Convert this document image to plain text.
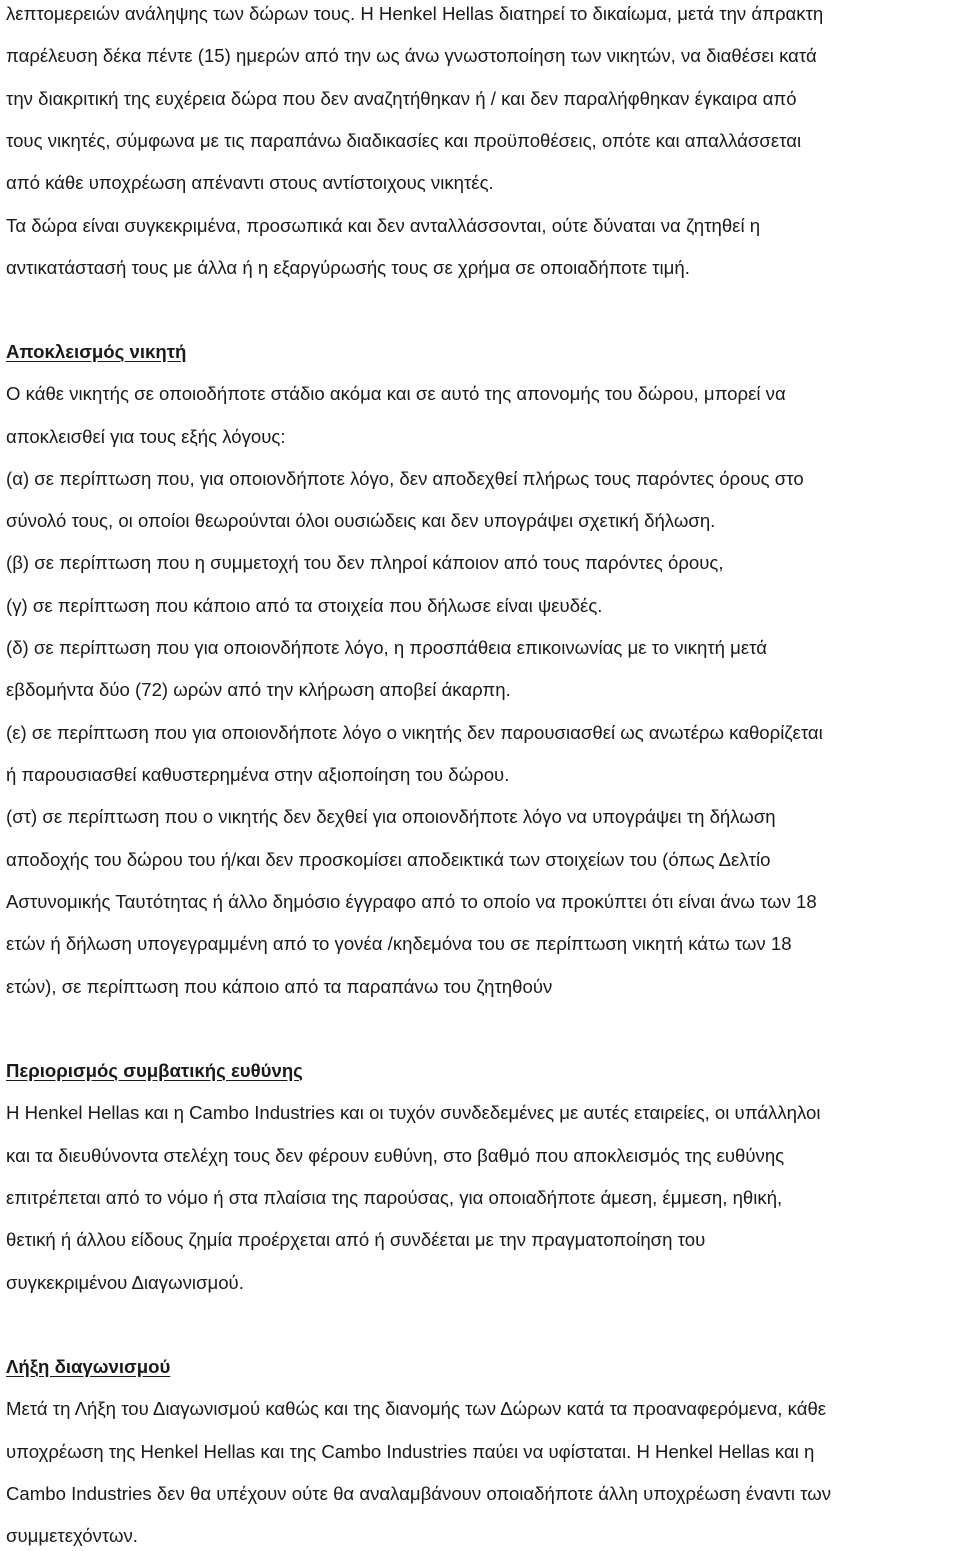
λεπτομερειών ανάληψης των δώρων τους. Η Henkel Hellas διατηρεί το δικαίωμα, μετά την άπρακτη
παρέλευση δέκα πέντε (15) ημερών από την ως άνω γνωστοποίηση των νικητών, να διαθέσει κατά
την διακριτική της ευχέρεια δώρα που δεν αναζητήθηκαν ή / και δεν παραλήφθηκαν έγκαιρα από
τους νικητές, σύμφωνα με τις παραπάνω διαδικασίες και προϋποθέσεις, οπότε και απαλλάσσεται
από κάθε υποχρέωση απέναντι στους αντίστοιχους νικητές.
Τα δώρα είναι συγκεκριμένα, προσωπικά και δεν ανταλλάσσονται, ούτε δύναται να ζητηθεί η
αντικατάστασή τους με άλλα ή η εξαργύρωσής τους σε χρήμα σε οποιαδήποτε τιμή.
Αποκλεισμός νικητή
Ο κάθε νικητής σε οποιοδήποτε στάδιο ακόμα και σε αυτό της απονομής του δώρου, μπορεί να
αποκλεισθεί για τους εξής λόγους:
(α) σε περίπτωση που, για οποιονδήποτε λόγο, δεν αποδεχθεί πλήρως τους παρόντες όρους στο
σύνολό τους, οι οποίοι θεωρούνται όλοι ουσιώδεις και δεν υπογράψει σχετική δήλωση.
(β) σε περίπτωση που η συμμετοχή του δεν πληροί κάποιον από τους παρόντες όρους,
(γ) σε περίπτωση που κάποιο από τα στοιχεία που δήλωσε είναι ψευδές.
(δ) σε περίπτωση που για οποιονδήποτε λόγο, η προσπάθεια επικοινωνίας με το νικητή μετά
εβδομήντα δύο (72) ωρών από την κλήρωση αποβεί άκαρπη.
(ε) σε περίπτωση που για οποιονδήποτε λόγο ο νικητής δεν παρουσιασθεί ως ανωτέρω καθορίζεται
ή παρουσιασθεί καθυστερημένα στην αξιοποίηση του δώρου.
(στ) σε περίπτωση που ο νικητής δεν δεχθεί για οποιονδήποτε λόγο να υπογράψει τη δήλωση
αποδοχής του δώρου του ή/και δεν προσκομίσει αποδεικτικά των στοιχείων του (όπως Δελτίο
Αστυνομικής Ταυτότητας ή άλλο δημόσιο έγγραφο από το οποίο να προκύπτει ότι είναι άνω των 18
ετών ή δήλωση υπογεγραμμένη από το γονέα /κηδεμόνα του σε περίπτωση νικητή κάτω των 18
ετών), σε περίπτωση που κάποιο από τα παραπάνω του ζητηθούν
Περιορισμός συμβατικής ευθύνης
Η Henkel Hellas και η Cambo Industries και οι τυχόν συνδεδεμένες με αυτές εταιρείες, οι υπάλληλοι
και τα διευθύνοντα στελέχη τους δεν φέρουν ευθύνη, στο βαθμό που αποκλεισμός της ευθύνης
επιτρέπεται από το νόμο ή στα πλαίσια της παρούσας, για οποιαδήποτε άμεση, έμμεση, ηθική,
θετική ή άλλου είδους ζημία προέρχεται από ή συνδέεται με την πραγματοποίηση του
συγκεκριμένου Διαγωνισμού.
Λήξη διαγωνισμού
Μετά τη Λήξη του Διαγωνισμού καθώς και της διανομής των Δώρων κατά τα προαναφερόμενα, κάθε
υποχρέωση της Henkel Hellas και της Cambo Industries παύει να υφίσταται. Η Henkel Hellas και η
Cambo Industries δεν θα υπέχουν ούτε θα αναλαμβάνουν οποιαδήποτε άλλη υποχρέωση έναντι των
συμμετεχόντων.
